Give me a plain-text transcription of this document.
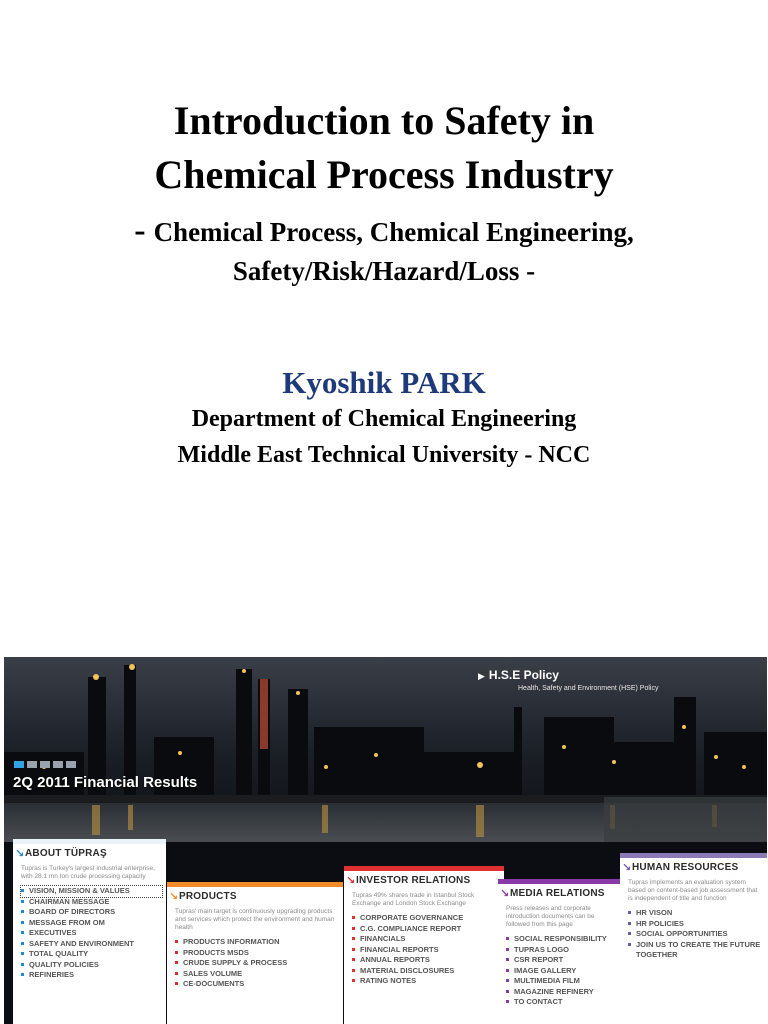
Introduction to Safety in
Chemical Process Industry
- Chemical Process, Chemical Engineering,
Safety/Risk/Hazard/Loss -
Kyoshik PARK
Department of Chemical Engineering
Middle East Technical University - NCC
▶ H.S.E Policy
Health, Safety and Environment (HSE) Policy
2Q 2011 Financial Results
↘ ABOUT TÜPRAŞ
Tupras is Turkey's largest industrial enterprise, with 28.1 mn ton crude processing capacity
VISION, MISSION & VALUES
CHAIRMAN MESSAGE
BOARD OF DIRECTORS
MESSAGE FROM OM
EXECUTIVES
SAFETY AND ENVIRONMENT
TOTAL QUALITY
QUALITY POLICIES
REFINERIES
↘ PRODUCTS
Tupras' main target is continuously upgrading products and services which protect the environment and human health
PRODUCTS INFORMATION
PRODUCTS MSDS
CRUDE SUPPLY & PROCESS
SALES VOLUME
CE-DOCUMENTS
↘ INVESTOR RELATIONS
Tupras 49% shares trade in Istanbul Stock Exchange and London Stock Exchange
CORPORATE GOVERNANCE
C.G. COMPLIANCE REPORT
FINANCIALS
FINANCIAL REPORTS
ANNUAL REPORTS
MATERIAL DISCLOSURES
RATING NOTES
↘ MEDIA RELATIONS
Press releases and corporate introduction documents can be followed from this page
SOCIAL RESPONSIBILITY
TUPRAS LOGO
CSR REPORT
IMAGE GALLERY
MULTIMEDIA FILM
MAGAZINE REFINERY
TO CONTACT
↘ HUMAN RESOURCES
Tupras implements an evaluation system based on content-based job assessment that is independent of title and function
HR VISON
HR POLICIES
SOCIAL OPPORTUNITIES
JOIN US TO CREATE THE FUTURE TOGETHER
